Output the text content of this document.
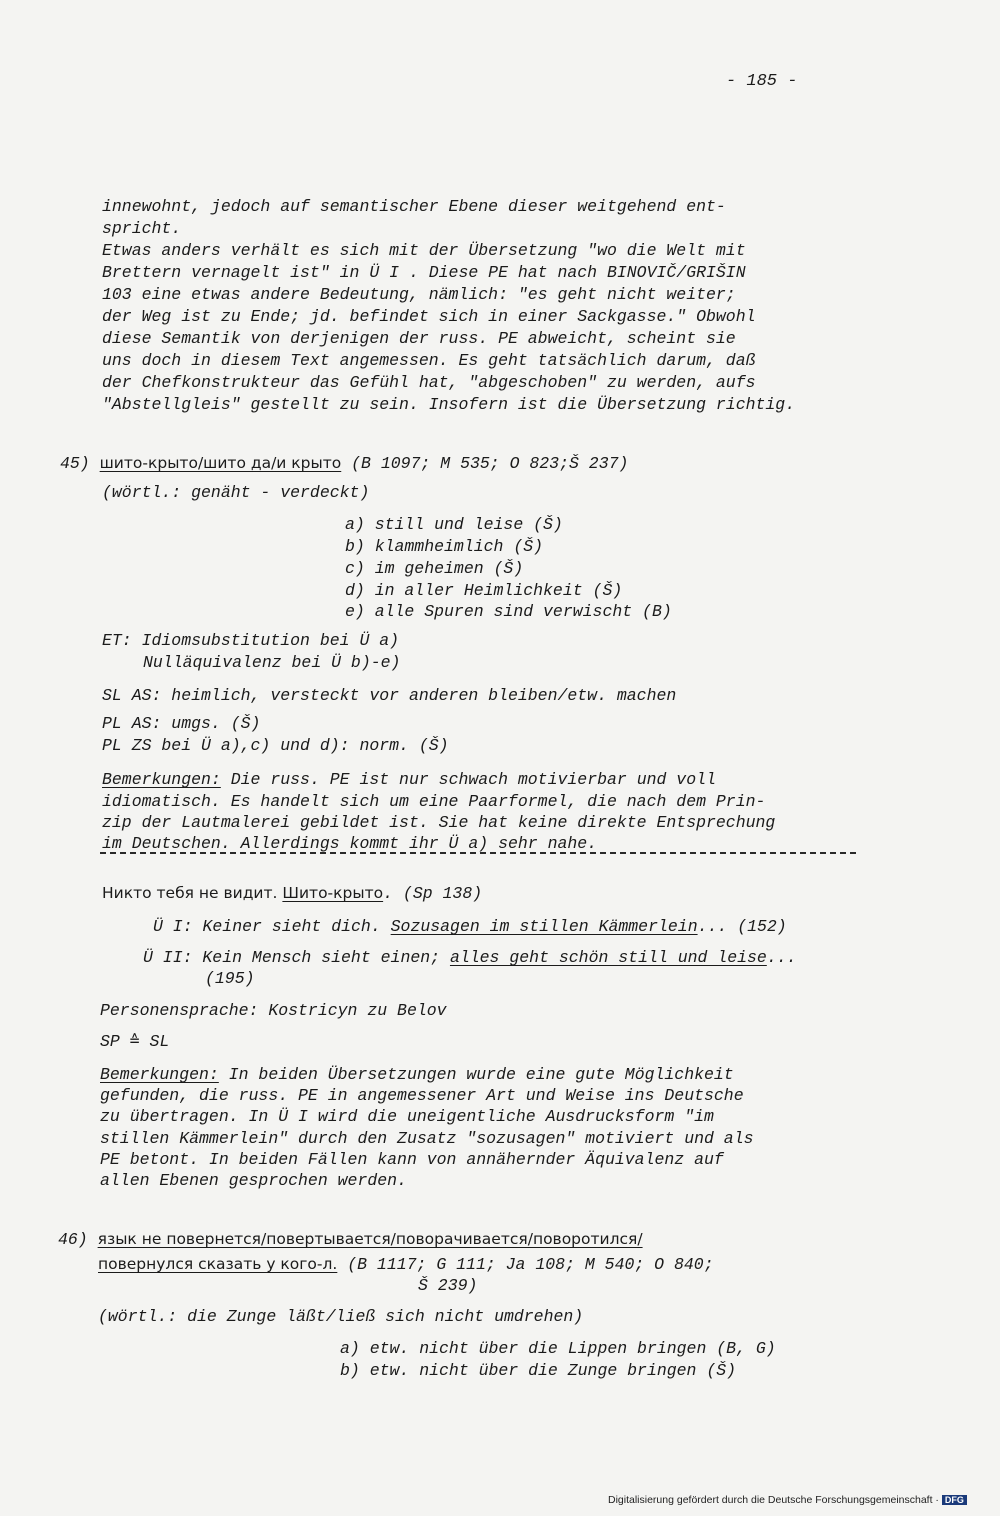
- 185 -
innewohnt, jedoch auf semantischer Ebene dieser weitgehend ent-
spricht.
Etwas anders verhält es sich mit der Übersetzung "wo die Welt mit
Brettern vernagelt ist" in Ü I . Diese PE hat nach BINOVIČ/GRIŠIN
103 eine etwas andere Bedeutung, nämlich: "es geht nicht weiter;
der Weg ist zu Ende; jd. befindet sich in einer Sackgasse." Obwohl
diese Semantik von derjenigen der russ. PE abweicht, scheint sie
uns doch in diesem Text angemessen. Es geht tatsächlich darum, daß
der Chefkonstrukteur das Gefühl hat, "abgeschoben" zu werden, aufs
"Abstellgleis" gestellt zu sein. Insofern ist die Übersetzung richtig.
45) шито-крыто/шито да/и крыто (B 1097; M 535; O 823;Š 237)
(wörtl.: genäht - verdeckt)
a) still und leise (Š)
b) klammheimlich (Š)
c) im geheimen (Š)
d) in aller Heimlichkeit (Š)
e) alle Spuren sind verwischt (B)
ET: Idiomsubstitution bei Ü a)
Nulläquivalenz bei Ü b)-e)
SL AS: heimlich, versteckt vor anderen bleiben/etw. machen
PL AS: umgs. (Š)
PL ZS bei Ü a),c) und d): norm. (Š)
Bemerkungen: Die russ. PE ist nur schwach motivierbar und voll
idiomatisch. Es handelt sich um eine Paarformel, die nach dem Prin-
zip der Lautmalerei gebildet ist. Sie hat keine direkte Entsprechung
im Deutschen. Allerdings kommt ihr Ü a) sehr nahe.
Никто тебя не видит. Шито-крыто. (Sp 138)
Ü I: Keiner sieht dich. Sozusagen im stillen Kämmerlein... (152)
Ü II: Kein Mensch sieht einen; alles geht schön still und leise...
(195)
Personensprache: Kostricyn zu Belov
SP ≙ SL
Bemerkungen: In beiden Übersetzungen wurde eine gute Möglichkeit
gefunden, die russ. PE in angemessener Art und Weise ins Deutsche
zu übertragen. In Ü I wird die uneigentliche Ausdrucksform "im
stillen Kämmerlein" durch den Zusatz "sozusagen" motiviert und als
PE betont. In beiden Fällen kann von annähernder Äquivalenz auf
allen Ebenen gesprochen werden.
46) язык не повернется/повертывается/поворачивается/поворотился/
повернулся сказать у кого-л. (B 1117; G 111; Ja 108; M 540; O 840;
Š 239)
(wörtl.: die Zunge läßt/ließ sich nicht umdrehen)
a) etw. nicht über die Lippen bringen (B, G)
b) etw. nicht über die Zunge bringen (Š)
Digitalisierung gefördert durch die Deutsche Forschungsgemeinschaft · DFG
